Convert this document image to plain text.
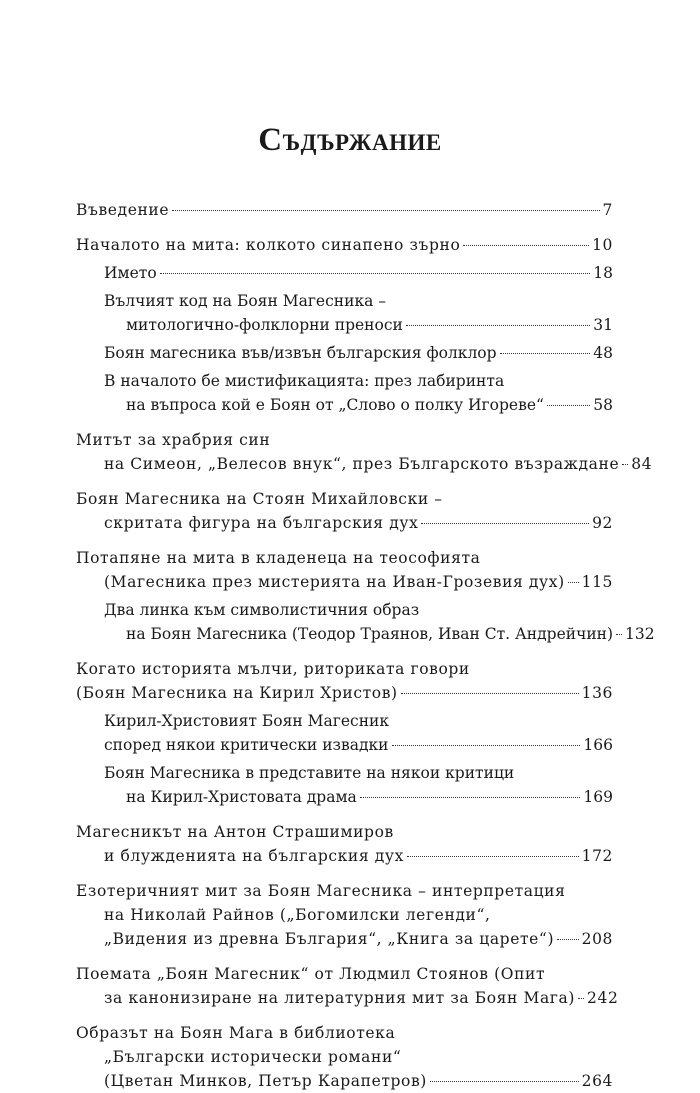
Съдържание
Въведение	7
Началото на мита: колкото синапено зърно	10
Името	18
Вълчият код на Боян Магесника –
митологично-фолклорни преноси	31
Боян магесника във/извън българския фолклор	48
В началото бе мистификацията: през лабиринта
на въпроса кой е Боян от „Слово о полку Игореве“	58
Митът за храбрия син
на Симеон, „Велесов внук“, през Българското възраждане 84
Боян Магесника на Стоян Михайловски –
скритата фигура на българския дух	92
Потапяне на мита в кладенеца на теософията
(Магесника през мистерията на Иван-Грозевия дух) 115
Два линка към символистичния образ
на Боян Магесника (Теодор Траянов, Иван Ст. Андрейчин) 132
Когато историята мълчи, риториката говори
(Боян Магесника на Кирил Христов)	136
Кирил-Христовият Боян Магесник
според някои критически извадки	166
Боян Магесника в представите на някои критици
на Кирил-Христовата драма	169
Магесникът на Антон Страшимиров
и блужденията на българския дух	172
Езотеричният мит за Боян Магесника – интерпретация
на Николай Райнов („Богомилски легенди“,
„Видения из древна България“, „Книга за царете“) 208
Поемата „Боян Магесник“ от Людмил Стоянов (Опит
за канонизиране на литературния мит за Боян Мага) 242
Образът на Боян Мага в библиотека
„Български исторически романи“
(Цветан Минков, Петър Карапетров)	264
